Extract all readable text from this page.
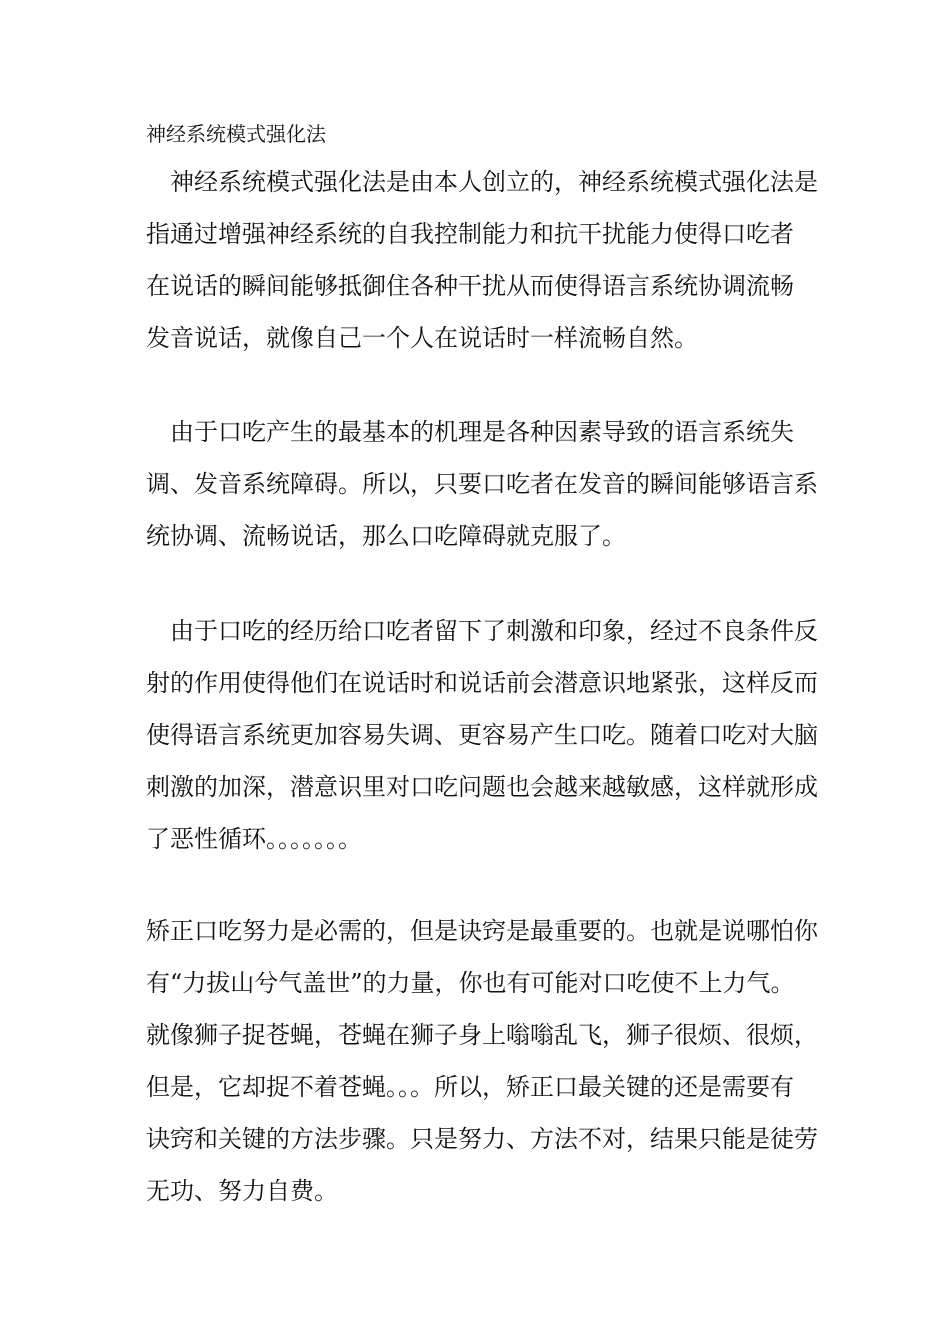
神经系统模式强化法

　神经系统模式强化法是由本人创立的，神经系统模式强化法是
指通过增强神经系统的自我控制能力和抗干扰能力使得口吃者
在说话的瞬间能够抵御住各种干扰从而使得语言系统协调流畅
发音说话，就像自己一个人在说话时一样流畅自然。

　由于口吃产生的最基本的机理是各种因素导致的语言系统失
调、发音系统障碍。所以，只要口吃者在发音的瞬间能够语言系
统协调、流畅说话，那么口吃障碍就克服了。

　由于口吃的经历给口吃者留下了刺激和印象，经过不良条件反
射的作用使得他们在说话时和说话前会潜意识地紧张，这样反而
使得语言系统更加容易失调、更容易产生口吃。随着口吃对大脑
刺激的加深，潜意识里对口吃问题也会越来越敏感，这样就形成
了恶性循环。。。。。。。

矫正口吃努力是必需的，但是诀窍是最重要的。也就是说哪怕你
有“力拔山兮气盖世”的力量，你也有可能对口吃使不上力气。
就像狮子捉苍蝇，苍蝇在狮子身上嗡嗡乱飞，狮子很烦、很烦，
但是，它却捉不着苍蝇。。。所以，矫正口最关键的还是需要有
诀窍和关键的方法步骤。只是努力、方法不对，结果只能是徒劳
无功、努力自费。
